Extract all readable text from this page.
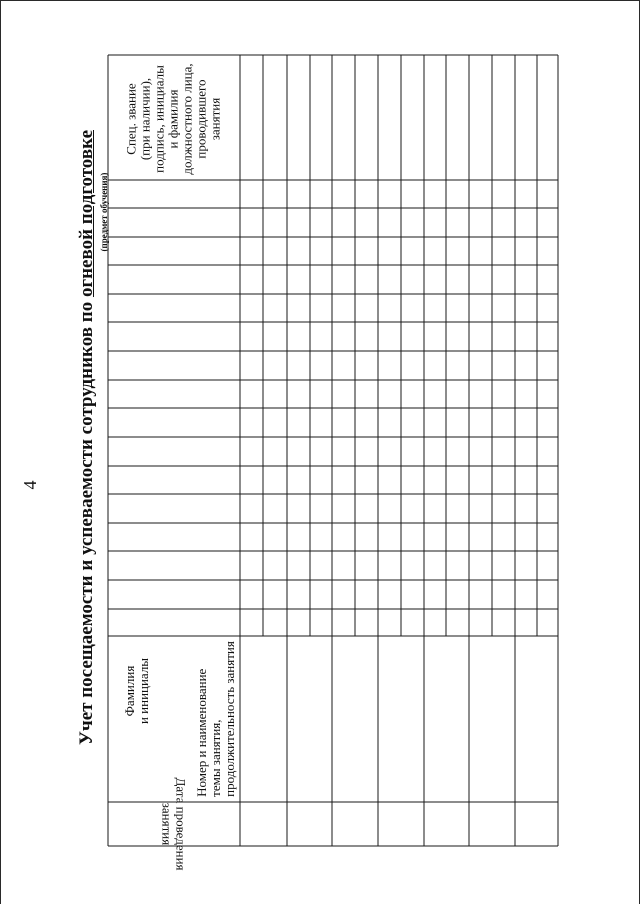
4 Учет посещаемости и успеваемости сотрудников по огневой подготовке (предмет обучения)
Дата проведения
занятия
Фамилия и инициалы	Номер и наименование темы занятия, продолжительность занятия
Спец. звание (при наличии), подпись, инициалы и фамилия должностного лица, проводившего занятия
